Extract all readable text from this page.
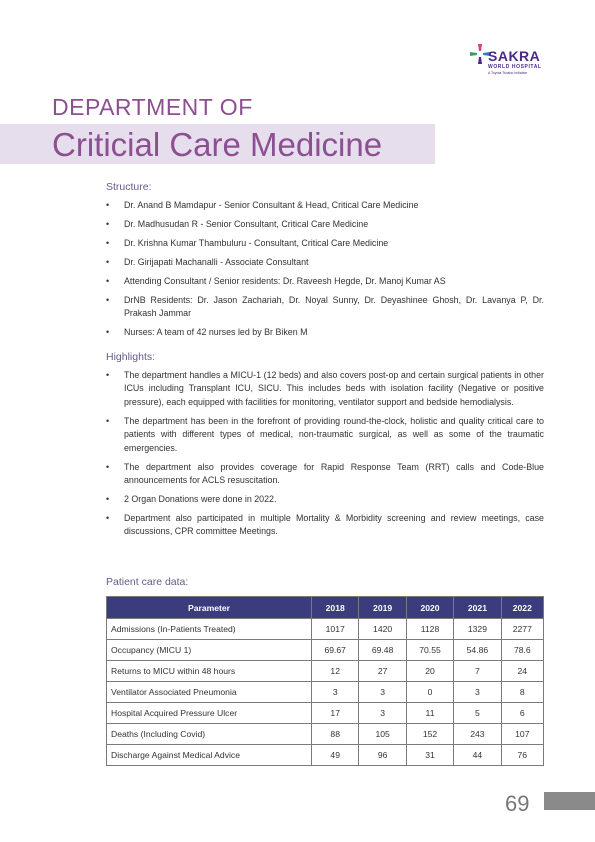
SAKRA
WORLD HOSPITAL
A Toyota Tsusho Initiative
DEPARTMENT OF
Criticial Care Medicine
Structure:
• Dr. Anand B Mamdapur - Senior Consultant & Head, Critical Care Medicine
• Dr. Madhusudan R - Senior Consultant, Critical Care Medicine
• Dr. Krishna Kumar Thambuluru - Consultant, Critical Care Medicine
• Dr. Girijapati Machanalli - Associate Consultant
• Attending Consultant / Senior residents: Dr. Raveesh Hegde, Dr. Manoj Kumar AS
• DrNB Residents: Dr. Jason Zachariah, Dr. Noyal Sunny, Dr. Deyashinee Ghosh, Dr. Lavanya P, Dr. Prakash Jammar
• Nurses: A team of 42 nurses led by Br Biken M
Highlights:
• The department handles a MICU-1 (12 beds) and also covers post-op and certain surgical patients in other ICUs including Transplant ICU, SICU. This includes beds with isolation facility (Negative or positive pressure), each equipped with facilities for monitoring, ventilator support and bedside hemodialysis.
• The department has been in the forefront of providing round-the-clock, holistic and quality critical care to patients with different types of medical, non-traumatic surgical, as well as some of the traumatic emergencies.
• The department also provides coverage for Rapid Response Team (RRT) calls and Code-Blue announcements for ACLS resuscitation.
• 2 Organ Donations were done in 2022.
• Department also participated in multiple Mortality & Morbidity screening and review meetings, case discussions, CPR committee Meetings.
Patient care data:
Parameter	2018	2019	2020	2021	2022
Admissions (In-Patients Treated)	1017	1420	1128	1329	2277
Occupancy (MICU 1)	69.67	69.48	70.55	54.86	78.6
Returns to MICU within 48 hours	12	27	20	7	24
Ventilator Associated Pneumonia	3	3	0	3	8
Hospital Acquired Pressure Ulcer	17	3	11	5	6
Deaths (Including Covid)	88	105	152	243	107
Discharge Against Medical Advice	49	96	31	44	76
69
